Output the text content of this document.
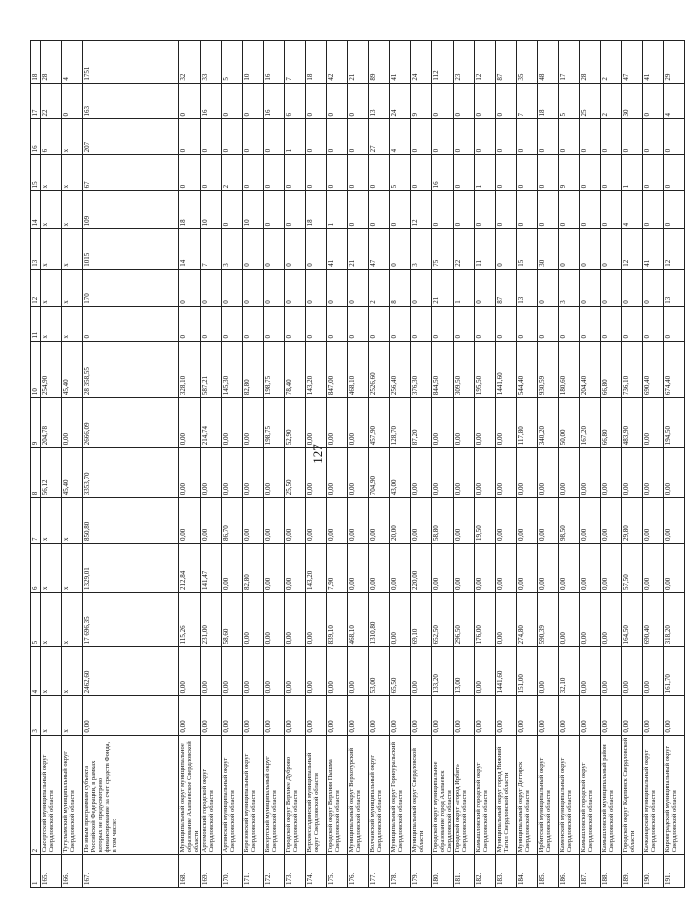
127
1	2	3	4	5	6	7	8	9	10	11	12	13	14	15	16	17	18
165.	Сысертский муниципальный округ Свердловской области	x	x	x	x	x	56,12	204,78	254,90	x	x	x	x	x	6	22	28
166.	Тугулымский муниципальный округ Свердловской области	x	x	x	x	x	45,40	0,00	45,40	x	x	x	x	x	x	0	4
167.	По иным программам субъекта Российской Федерации, в рамках которых не предусмотрено финансирование за счет средств Фонда, в том числе:	0,00	2462,60	17 696,35	1329,01	850,80	3353,70	2666,09	28 358,55	0	170	1015	109	67	207	163	1751
168.	Муниципальный округ муниципальное образование Алапаевское Свердловской области	0,00	0,00	115,26	212,84	0,00	0,00	0,00	328,10	0	0	14	18	0	0	0	32
169.	Артемовский городской округ Свердловской области	0,00	0,00	231,00	141,47	0,00	0,00	214,74	587,21	0	0	7	10	0	0	16	33
170.	Артинский муниципальный округ Свердловской области	0,00	0,00	58,60	0,00	86,70	0,00	0,00	145,30	0	0	3	0	2	0	0	5
171.	Березовский муниципальный округ Свердловской области	0,00	0,00	0,00	82,80	0,00	0,00	0,00	82,80	0	0	0	10	0	0	0	10
172.	Бисертский муниципальный округ Свердловской области	0,00	0,00	0,00	0,00	0,00	0,00	198,75	198,75	0	0	0	0	0	0	16	16
173.	Городской округ Верхнее Дуброво Свердловской области	0,00	0,00	0,00	0,00	0,00	25,50	52,90	78,40	0	0	0	0	0	1	6	7
174.	Верхнесалдинский муниципальный округ Свердловской области	0,00	0,00	0,00	143,20	0,00	0,00	0,00	143,20	0	0	0	18	0	0	0	18
175.	Городской округ Верхняя Пышма Свердловской области	0,00	0,00	839,10	7,90	0,00	0,00	0,00	847,00	0	0	41	1	0	0	0	42
176.	Муниципальный округ Верхотурский Свердловской области	0,00	0,00	468,10	0,00	0,00	0,00	0,00	468,10	0	0	21	0	0	0	0	21
177.	Волчанский муниципальный округ Свердловской области	0,00	53,00	1310,80	0,00	0,00	704,90	457,90	2526,60	0	2	47	0	0	27	13	89
178.	Муниципальный округ Горноуральский Свердловской области	0,00	65,50	0,00	0,00	20,00	43,00	128,70	256,40	0	8	0	0	5	4	24	41
179.	Муниципальный округ Свердловской области	0,00	0,00	69,10	220,00	0,00	0,00	87,20	376,30	0	0	3	12	0	0	9	24
180.	Городской округ муниципальное образование город Алапаевск Свердловской области	0,00	133,20	652,50	0,00	58,80	0,00	0,00	844,50	0	21	75	0	16	0	0	112
181.	Городской округ «город Ирбит» Свердловской области	0,00	13,00	296,50	0,00	0,00	0,00	0,00	309,50	0	1	22	0	0	0	0	23
182.	Камышловский городской округ Свердловской области	0,00	0,00	176,00	0,00	19,50	0,00	0,00	195,50	0	0	11	0	1	0	0	12
183.	Муниципальный округ город Нижний Тагил Свердловской области	0,00	1441,60	0,00	0,00	0,00	0,00	0,00	1441,60	0	87	0	0	0	0	0	87
184.	Муниципальный округ Дегтярск Свердловской области	0,00	151,00	274,80	0,00	0,00	0,00	117,80	544,40	0	13	15	0	0	0	7	35
185.	Ирбитский муниципальный округ Свердловской области	0,00	0,00	590,39	0,00	0,00	0,00	340,20	930,59	0	0	30	0	0	0	18	48
186.	Каменский муниципальный округ Свердловской области	0,00	32,10	0,00	0,00	98,50	0,00	50,00	180,60	0	3	0	0	9	0	5	17
187.	Камышловский городской округ Свердловской области	0,00	0,00	0,00	0,00	0,00	0,00	167,20	204,40	0	0	0	0	0	0	25	28
188.	Камышловский муниципальный район Свердловской области	0,00	0,00	0,00	0,00	0,00	0,00	66,80	66,80	0	0	0	0	0	0	2	2
189.	Городской округ Карпинск Свердловской области	0,00	0,00	164,50	57,50	29,80	0,00	483,90	736,10	0	0	12	4	1	0	30	47
190.	Качканарский муниципальный округ Свердловской области	0,00	0,00	690,40	0,00	0,00	0,00	0,00	690,40	0	0	41	0	0	0	0	41
191.	Кировградский муниципальный округ Свердловской области	0,00	161,70	318,20	0,00	0,00	0,00	194,50	674,40	0	13	12	0	0	0	4	29
